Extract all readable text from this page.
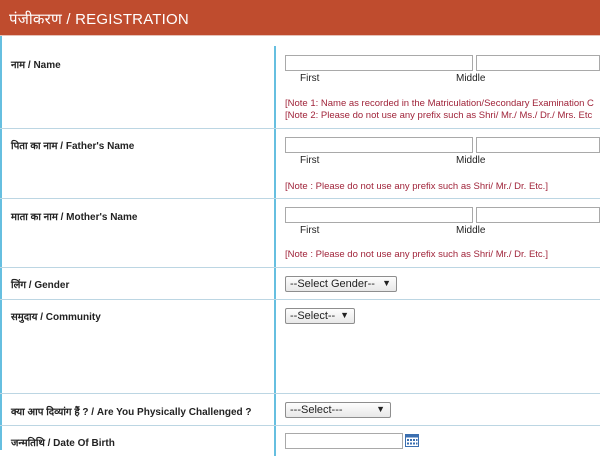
पंजीकरण / REGISTRATION
नाम / Name
First	Middle
[Note 1: Name as recorded in the Matriculation/Secondary Examination C
[Note 2: Please do not use any prefix such as Shri/ Mr./ Ms./ Dr./ Mrs. Etc
पिता का नाम / Father's Name
First	Middle
[Note : Please do not use any prefix such as Shri/ Mr./ Dr. Etc.]
माता का नाम / Mother's Name
First	Middle
[Note : Please do not use any prefix such as Shri/ Mr./ Dr. Etc.]
लिंग / Gender	--Select Gender-- ▼
समुदाय / Community	--Select-- ▼
क्या आप दिव्यांग हैं ? / Are You Physically Challenged ?	---Select---	▼
जन्मतिथि / Date Of Birth
